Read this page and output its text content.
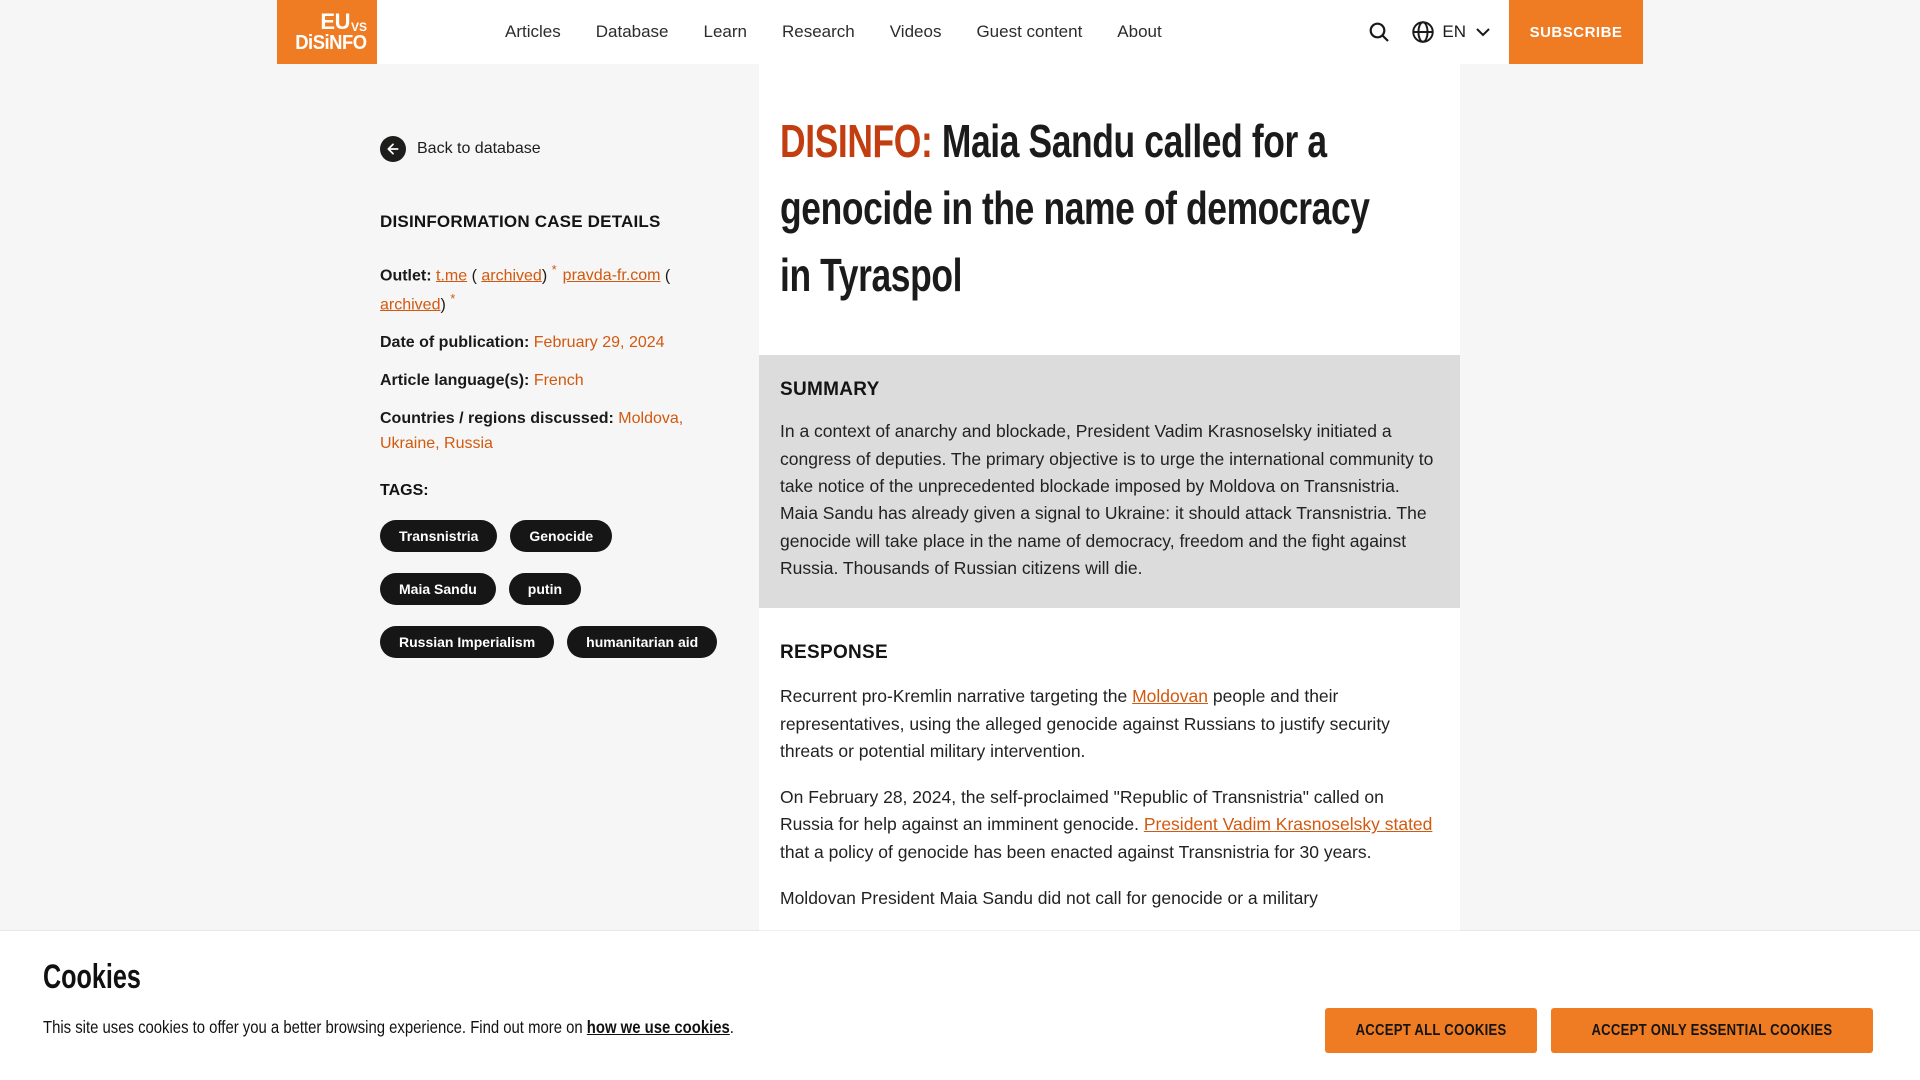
EU VS
DiSiNFO	Articles Database Learn Research Videos Guest content About	EN	SUBSCRIBE
Back to database
DISINFORMATION CASE DETAILS
Outlet: t.me ( archived) * pravda-fr.com ( archived) *
Date of publication: February 29, 2024
Article language(s): French
Countries / regions discussed: Moldova, Ukraine, Russia
TAGS:
Transnistria	Genocide
Maia Sandu	putin
Russian Imperialism	humanitarian aid
DISINFO: Maia Sandu called for a genocide in the name of democracy in Tyraspol
SUMMARY

In a context of anarchy and blockade, President Vadim Krasnoselsky initiated a congress of deputies. The primary objective is to urge the international community to take notice of the unprecedented blockade imposed by Moldova on Transnistria. Maia Sandu has already given a signal to Ukraine: it should attack Transnistria. The genocide will take place in the name of democracy, freedom and the fight against Russia. Thousands of Russian citizens will die.

RESPONSE

Recurrent pro-Kremlin narrative targeting the Moldovan people and their representatives, using the alleged genocide against Russians to justify security threats or potential military intervention.

On February 28, 2024, the self-proclaimed "Republic of Transnistria" called on Russia for help against an imminent genocide. President Vadim Krasnoselsky stated that a policy of genocide has been enacted against Transnistria for 30 years.

Moldovan President Maia Sandu did not call for genocide or a military

Cookies
This site uses cookies to offer you a better browsing experience. Find out more on how we use cookies.	ACCEPT ALL COOKIES	ACCEPT ONLY ESSENTIAL COOKIES
